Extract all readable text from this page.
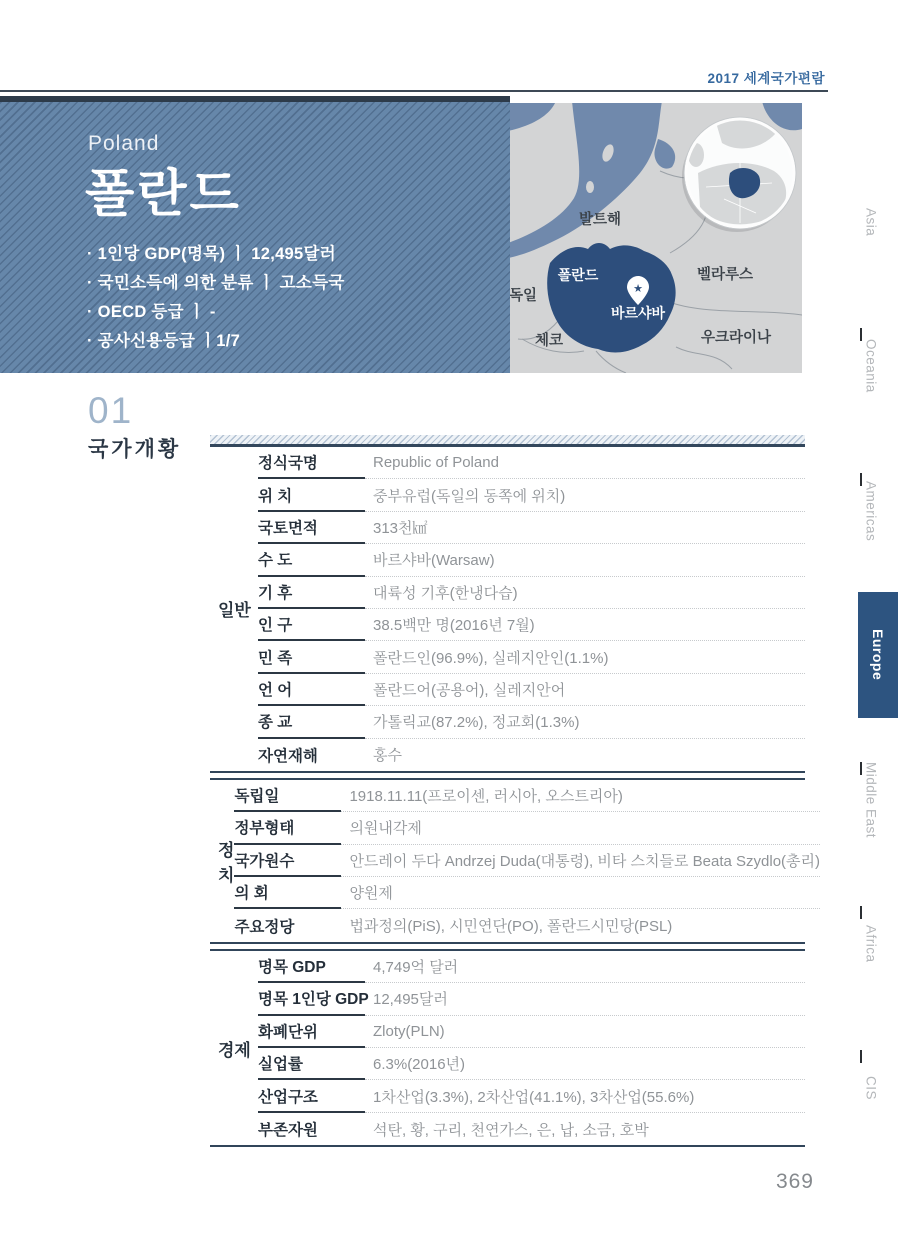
2017 세계국가편람
Poland
폴란드
· 1인당 GDP(명목) ㅣ 12,495달러
· 국민소득에 의한 분류 ㅣ 고소득국
· OECD 등급 ㅣ -
· 공사신용등급 ㅣ1/7
★
발트해
독일
체코
벨라루스
우크라이나
폴란드
바르샤바
Asia
Oceania
Americas
Europe
Middle East
Africa
CIS
01
국가개황
일반
정식국명	Republic of Poland
위 치	중부유럽(독일의 동쪽에 위치)
국토면적	313천㎢
수 도	바르샤바(Warsaw)
기 후	대륙성 기후(한냉다습)
인 구	38.5백만 명(2016년 7월)
민 족	폴란드인(96.9%), 실레지안인(1.1%)
언 어	폴란드어(공용어), 실레지안어
종 교	가톨릭교(87.2%), 정교회(1.3%)
자연재해	홍수
정치
독립일	1918.11.11(프로이센, 러시아, 오스트리아)
정부형태	의원내각제
국가원수	안드레이 두다 Andrzej Duda(대통령), 비타 스치들로 Beata Szydlo(총리)
의 회	양원제
주요정당	법과정의(PiS), 시민연단(PO), 폴란드시민당(PSL)
경제
명목 GDP	4,749억 달러
명목 1인당 GDP 12,495달러
화폐단위	Zloty(PLN)
실업률	6.3%(2016년)
산업구조	1차산업(3.3%), 2차산업(41.1%), 3차산업(55.6%)
부존자원	석탄, 황, 구리, 천연가스, 은, 납, 소금, 호박
369
